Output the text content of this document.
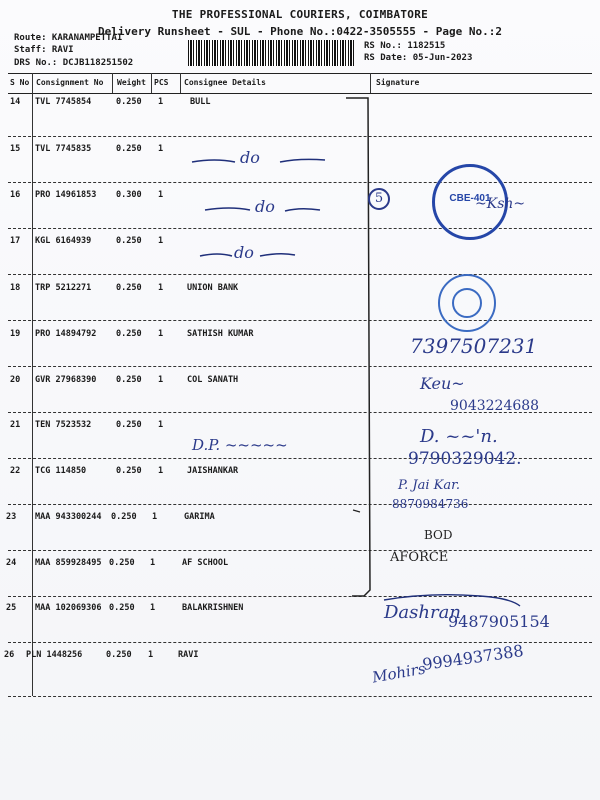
THE PROFESSIONAL COURIERS, COIMBATORE
Delivery Runsheet - SUL - Phone No.:0422-3505555 - Page No.:2
Route: KARANAMPETTAI
Staff: RAVI
DRS No.: DCJB118251502
RS No.: 1182515
RS Date: 05-Jun-2023
S No Consignment No Weight PCS Consignee Details	Signature
14 TVL 7745854	0.250 1	BULL
15 TVL 7745835	0.250 1
16 PRO 14961853 0.300 1
17 KGL 6164939	0.250 1
18 TRP 5212271	0.250 1	UNION BANK
19 PRO 14894792 0.250 1	SATHISH KUMAR
20 GVR 27968390 0.250 1	COL SANATH
21 TEN 7523532	0.250 1
22 TCG 114850	0.250 1	JAISHANKAR
23 MAA 943300244 0.250 1	GARIMA
24 MAA 859928495 0.250 1	AF SCHOOL
25 MAA 102069306 0.250 1	BALAKRISHNEN
26 PLN 1448256	0.250 1	RAVI
do
do
do
D.P. ~~~~~
5	CBE-401
~Ksh~
7397507231
Keu~
9043224688
D. ~~'n.
9790329042.
P. Jai Kar.
8870984736
BOD
AFORCE
Dashran
9487905154
Mohirs
9994937388
